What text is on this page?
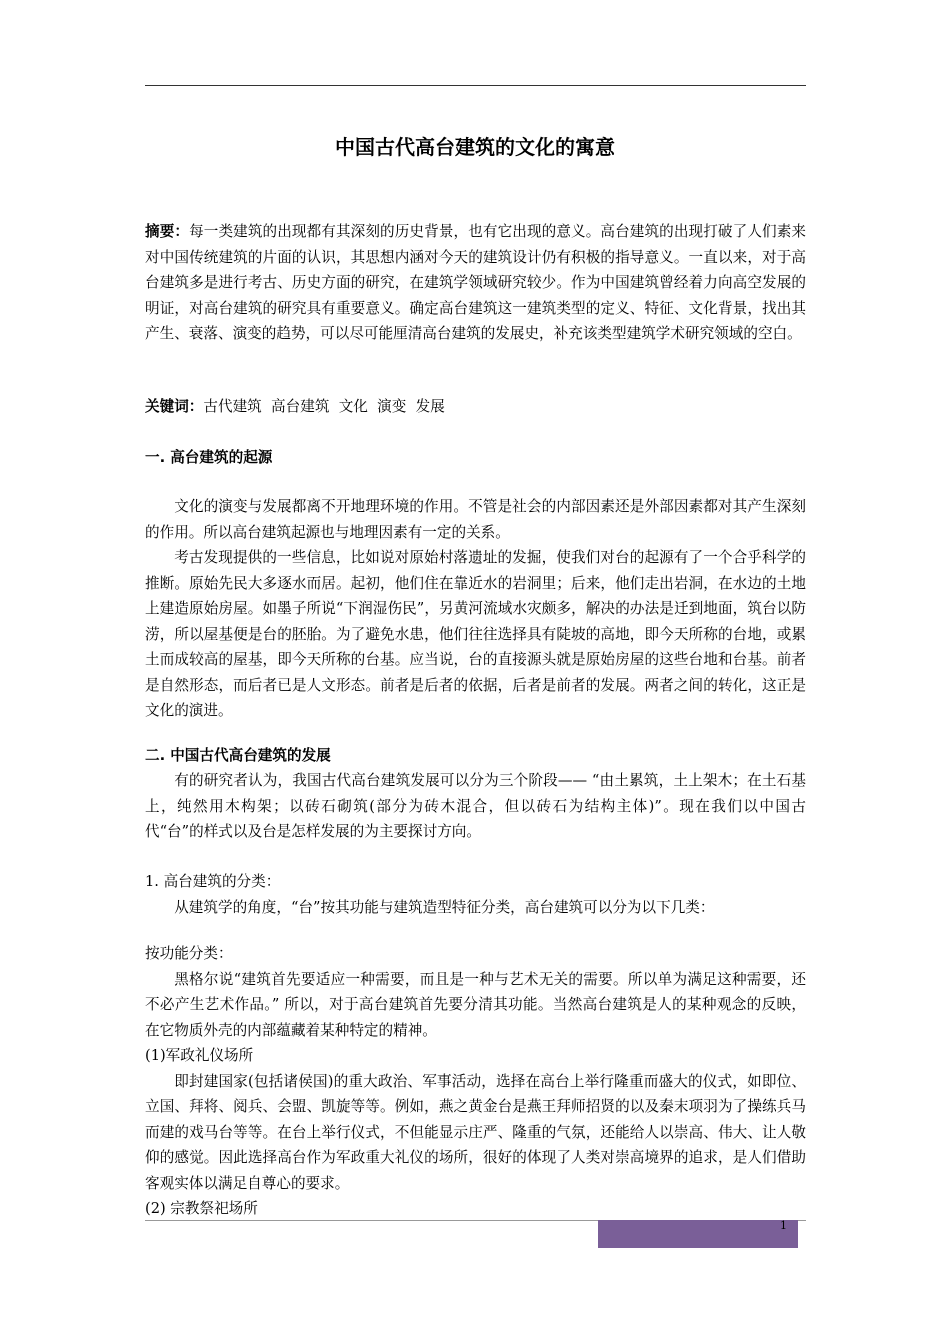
中国古代高台建筑的文化的寓意

摘要：每一类建筑的出现都有其深刻的历史背景，也有它出现的意义。高台建筑的出现打破了人们素来对中国传统建筑的片面的认识，其思想内涵对今天的建筑设计仍有积极的指导意义。一直以来，对于高台建筑多是进行考古、历史方面的研究，在建筑学领域研究较少。作为中国建筑曾经着力向高空发展的明证，对高台建筑的研究具有重要意义。确定高台建筑这一建筑类型的定义、特征、文化背景，找出其产生、衰落、演变的趋势，可以尽可能厘清高台建筑的发展史，补充该类型建筑学术研究领域的空白。

关键词：古代建筑  高台建筑  文化  演变  发展

一. 高台建筑的起源

文化的演变与发展都离不开地理环境的作用。不管是社会的内部因素还是外部因素都对其产生深刻的作用。所以高台建筑起源也与地理因素有一定的关系。

考古发现提供的一些信息，比如说对原始村落遗址的发掘，使我们对台的起源有了一个合乎科学的推断。原始先民大多逐水而居。起初，他们住在靠近水的岩洞里；后来，他们走出岩洞，在水边的土地上建造原始房屋。如墨子所说“下润湿伤民”，另黄河流域水灾颇多，解决的办法是迁到地面，筑台以防涝，所以屋基便是台的胚胎。为了避免水患，他们往往选择具有陡坡的高地，即今天所称的台地，或累土而成较高的屋基，即今天所称的台基。应当说，台的直接源头就是原始房屋的这些台地和台基。前者是自然形态，而后者已是人文形态。前者是后者的依据，后者是前者的发展。两者之间的转化，这正是文化的演进。

二. 中国古代高台建筑的发展

有的研究者认为，我国古代高台建筑发展可以分为三个阶段—— “由土累筑，土上架木；在土石基上，纯然用木构架；以砖石砌筑(部分为砖木混合，但以砖石为结构主体)”。现在我们以中国古代“台”的样式以及台是怎样发展的为主要探讨方向。

1. 高台建筑的分类：

从建筑学的角度，“台”按其功能与建筑造型特征分类，高台建筑可以分为以下几类：

按功能分类：

黑格尔说“建筑首先要适应一种需要，而且是一种与艺术无关的需要。所以单为满足这种需要，还不必产生艺术作品。” 所以，对于高台建筑首先要分清其功能。当然高台建筑是人的某种观念的反映，在它物质外壳的内部蕴藏着某种特定的精神。

(1)军政礼仪场所

即封建国家(包括诸侯国)的重大政治、军事活动，选择在高台上举行隆重而盛大的仪式，如即位、立国、拜将、阅兵、会盟、凯旋等等。例如，燕之黄金台是燕王拜师招贤的以及秦末项羽为了操练兵马而建的戏马台等等。在台上举行仪式，不但能显示庄严、隆重的气氛，还能给人以崇高、伟大、让人敬仰的感觉。因此选择高台作为军政重大礼仪的场所，很好的体现了人类对崇高境界的追求，是人们借助客观实体以满足自尊心的要求。

(2) 宗教祭祀场所

1
